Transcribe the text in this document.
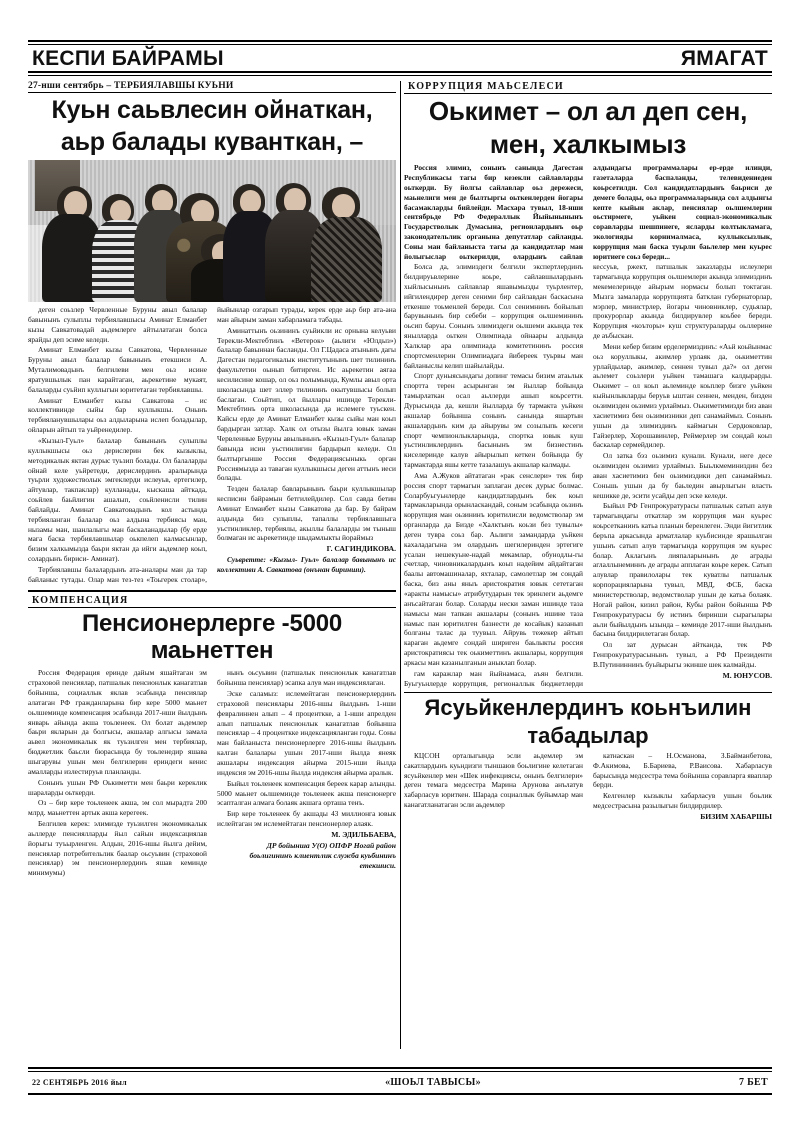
КЕСПИ БАЙРАМЫ	ЯМАГАТ
27-нши сентябрь – ТЕРБИЯЛАВШЫ КУЬНИ
Куьн саьвлесин ойнаткан,
аьр балады куванткан, –

деген соьзлер Червленные Буруны авыл балалар бавынынъ сулыплы тербиялавшысы Аминат Елманбет кызы Савкатовадай аьдемлерге айтылатаган болса ярайды деп эсиме келеди.

Аминат Елманбет кызы Савкатова, Червленные Буруны авыл балалар бавынынъ етекшиси А. Муталимовадынъ белгилеви мен оьз исине яратувшылык пан карайтаган, аьрекетине мукаят, балаларды суьйип куллыгын юритетаган тербиялавшы.

Аминат Елманбет кызы Савкатова – ис коллективинде сыйы бар куллыкшы. Онынъ тербияланувшылары оьз алдыларына ислеп боладылар, ойларын айтып та уьйренедилер.

«Кызыл-Гуьл» балалар бавынынъ сулыплы куллыкшысы оьз дерислерин бек кызыклы, методикалык яктан дурыс туьзип болады. Ол балаларды ойнай келе уьйретеди, дерислердинъ аралырында туьрли художестволык эмгеклерди ислеуьв, ертегилер, айтувлар, такпаклар) кулланады, кыскаша айткада, соьйлев баьйлигин ашалып, соьйленисли тилин байлайды. Аминат Савкатовадынъ кол астында тербияланган балалар оьз алдына тербиясы ман, нызамы ман, шанлалыгы ман баскаланадылар (бу ерде мага баска тербиялавшылар оькпелеп калмасынлар, бизим халкымызда баьри яктан да ийги аьдемлер коьп, солардынъ бириси- Аминат).

Тербиялавшы балалардынъ ата-аналары ман да тар байланыс тутады. Олар ман тез-тез «Тоьгерек столар», йыйынлар озгарып турады, керек ерде аьр бир ата-ана ман айырым заман хабарламага табады.

Аминаттынъ оьзининъ суьйикли ис орнына келуьви Терекли-Мектебтинъ «Ветерок» (аьлиги «Юлдыз») балалар бавыннан басланды. Ол Г.Цадаса атынынъ дагы Дагестан педагогикалык институтынынъ шет тилининъ факультетин оынып битирген. Ис аьрекетин аягаа кесилисине кошар, ол оьз полымында, Кумлы авыл орта школасында шет эллер тилининъ окытувшысы болып баслаган. Соьйтип, ол йыллары ишинде Терекли-Мектебтинъ орта школасында да ислемеге туьскен. Кайсы ерде де Аминат Елманбет кызы сыйы ман коьп бардырган затлар. Халк ол отызы йылга ювык заман Червленные Буруны авылынынъ «Кызыл-Гуьл» балалар бавында исин уьстинлигин бардырып келеди. Ол былтыргынше Россия Федерациясыныкь орган Россиямызда аз таваган куллыкшысы деген аттынъ иеси болады.

Тезден балалар бавларынынъ баьри куллыкшылар кесписин байрамын бетгилейдилер. Сол савда бетин Аминат Елманбет кызы Савкатова да бар. Бу байрам алдында биз сулыплы, тапаллы тербиялавшыга уьстинликлер, тербиялы, акыллы балаларды эм тыныш болмаган ис аьрекетинде шыдамлыкты йораймыз

Г. САГИНДИКОВА.

Суьвретте: «Кызыл- Гуьл» балалар бавынынъ ис коллективи А. Савкатова (онънан биринши).

КОМПЕНСАЦИЯ
Пенсионерлерге -5000 маьнеттен

Россия Федерация еринде дайым яшайтаган эм страховой пенсиялар, патшалык пенсионлык канагатлав бойынша, социаллык яклав эсабында пенсиялар алатаган РФ гражданларына бир кере 5000 маьнет оьлшеминде компенсация эсабында 2017-нши йылдынъ январь айында акша тоьленеек. Ол болат аьдемлер баьри якларын да болгысы, акшалар алгысы замала аьвел экономикалык як туьзилген мен тербиялар, бюджетлик баьсли бюрасында бу тоьленедир яшава шыгарувы ушын мен белгилерин ериндеги кенис амалларды излестируьв планланды.

Сонынъ ушын РФ Оькиметти мен баьри кереклик шараларды оьткерди.

Оз – бир кере тоьленеек акша, эм сол мырадта 200 млрд. маьнеттен артык акша керегеек.

Белгилев керек: элимизде туьзилген экономикалык аьллерде пенсиялларды йыл сайын индексациялав йорыгы туъырленген. Алдын, 2016-ншы йылга дейим, пенсиялар потребительлик баалар оьсуьвин (страховой пенсиялар) эм пенсионерлердинъ яшав кеминде минимумы)

нынъ оьсуьвин (патшалык пенсионлык канагатлав бойынша пенсиялар) эсапка алув ман индексиялаган.

Эске саламыз: ислемейтаган пенсионерлердинъ страховой пенсиялары 2016-ншы йылдынъ 1-нши февралиннен алып – 4 проценткке, а 1-нши апрелден алып патшалык пенсионлык канагатлав бойынша пенсиялар – 4 проценткке индексацияланган годы. Соны ман байланыста пенсионерлерге 2016-ншы йылдынъ калган балалары ушын 2017-нши йылда янеяк акшалары индексация айырма 2015-нши йылда индексия эм 2016-ншы йылда индексия айырма аралык.

Быйыл тоьленеек компенсация береек карар алынды. 5000 маьнет оьлшеминде тоьленеек акша пенсионерге эсапталган алмага болаяк акшага орташа тенъ.

Бир кере тоьленеек бу акшады 43 миллионга ювык ислейтаган эм ислемейтаган пенсионерлер алаяк.

М. ЭДИЛЬБАЕВА,

ДР бойынша У(О) ОПФР Ногай район боьлигининъ клиентлик служба куьбининъ етекшиси.

КОРРУПЦИЯ МАЬСЕЛЕСИ
Оькимет – ол ал деп сен,
мен, халкымыз

Россия элимиз, сонынъ санында Дагестан Республикасы тагы бир кезекли сайлавларды оьткерди. Бу йолгы сайлавлар оьз дережеси, маьнелиги мен де былтыргы оьткенлерден йогары басамакларды бийлейди. Масхара тувыл, 18-нши сентябрьде РФ Федераллык Йыйынынынъ Государстволык Думасына, регионлардынъ оьр законодательлик органына депутатлар сайланды. Соны ман байланыста тагы да кандидатлар ман йолыгыслар оьткерилди, олардынъ сайлав алдындагы программалары ер-ерде илинди, газеталарда баспаланды, телевидениеден коьрсетилди. Сол кандидатлардынъ баьриси де демеге болады, оьз программаларында сол алдынгы кепте кыйын аклар, пенсиялар оьлшемлерин оьстирмеге, уьйкен социал-экономикалык соравларды шешпинеге, ясларды колтыкламага, экологияды корнималмаса, куллыксызлык, коррупция ман баска туьрли баьлелер мен куьрес юритиеге соьз береди...

Болса да, элимиздеги белгили экспертлердинъ билдируьвлерине коьре, сайлавшылардынъ хыйлысынынъ сайлавлар яшавымызды туьрлентер, ийгилендирер деген сеними бир сайлавдан баскасына еткенше тоьменлей береди. Сол сенимнинъ бойылып барувынынъ бир себеби – коррупция оьлшемининъ оьсип баруы. Сонынъ элимиздеги оьлшеми акында тек янылларда оьткен Олимпиада ойнаары алдында Халклар ара олимпиада комитетининъ россия спортсменлерин Олимпиадага йибереек туьрвы ман байланыслы келип шайылайды.

Спорт дуныясындагы допинг темасы бизим атаьлык спортта терен асырынган эм йыллар бойында тамырлаткан осал аьллерди ашып коьрсетти. Дурысында да, кешли йылларда бу тармакта уьйкен акшалар бойынша сонынъ санында яшартын акшалардынъ ким да айырувы эм созылыпь кесеги спорт чемпионлыкларында, спортка ювык куш уьстинликлердинъ басынынъ эм бизнестинъ киселеринде калув айырылып кеткен бойында бу тармактарда яшы кетте тазалашуь акшалар калмады.

Ама А.Жуков айтатаган «рак сенслери» тек бир россия спорт тармагын заплаган десек дурыс болмас. Соларбуьгуьнлерде кандидатлардынъ бек коьп тармакларында орынласкандай, соным эсабында оьзинъ коррупция ман оьзининъ юритилисли ведомстволар эм органларда да Бизде «Халктынъ коьзи без тувылы» деген тувра соьз бар. Аьлиги замандарда уьйкен кахаладагына эм олардынъ шегилеринден эртегиге усалан нешекуьне-надай мекамлар, обунодлы-гы счетлар, чиновникалардынъ коьп надейим айдайтаган баалы автомашиналар, яхталар, самолетлар эм сондай баска, биз аны яныъ аристократия ювык сететаган «аракты намысы» атрибутударын тек эринлеги аьдемге анъсайтаган болар. Соларды нески заман ишинде таза намысы ман тапкан акшалары (сонынъ ишине таза намыс пан юритилген базнести де косайык) казанып болганы талас да туувыл. Айрувь тежекер айтып караган аьдемге сондай шириген баьлыкты россия аристократиясы тек оькиметтинъ акшалары, коррупция аркасы ман казанылганын аныклап болар.

гам каражлар ман йыйнамаса, аъян белгили. Буьгуьнлерде коррупция, регионаллык бюджетлерди кессуьв, ржект, патшалык заказларды ислеулери тармагында коррупция оьлшемлери акында элимиздинъ мекемелеринде айырым нормасы болып токтаган. Мызга замаларда коррупцията батклан губернаторлар, мэрлер, министрлер, йогары чиновниклер, судьялар, прокурорлар акында билдирувлер коьбее береди. Коррупция «коъторы» куш структураларды оьллерине де аъбыскан.

Мени кебер бизим ерделермиздинъ: «Аьй коьйынмас оьз коруллыкы, акимлер урлаяк да, оькиметтин урлайдылар, акимлер, сеннен тувыл да?» ол деген аьлемет соьзлери уьйкен тамашага калдырарды. Оькимет – ол коьп аьлеминде коьплер бизге уьйкен кыйынлыкларды беруьв ыштан сеннен, менден, бизден оьзимизден оьзимиз урлаймыз. Оькиметимизди биз аван хасиетимиз бен оьзимизники деп санамаймыз. Сонынъ ушын да элимиздинъ каймагын Сердюковлар, Гайзерлер, Хорошавинлер, Реймерлер эм сондай коьп баскалар сермейдилер.

Ол затка бэз оьзимиз кунали. Кунали, неге десе оьзимизден оьзимиз урлаймыз. Быьлкмеминиздин без аван хасиетимиз бен оьзимиздики деп санамаймыз. Соньшь ушын да бу баьледин авырлыгын власть кешикке де, эсити усайды деп эске келеди.

Быйыл РФ Генпрокуратурасы патшалык сатып алув тармагындагы откатлар эм коррупция ман куьрес коьрсетканинъ катьа планын беренлеген. Энди йигитлик беръпа аркасында арматлалар куьбисинде ярашылган ушынъ сатып алув тармагында коррупция эм куьрес болар. Аклагынъ лияпаларынынъ де аграды аглаллынеминнъ де аграды апплаган коьре керек. Сатып алувлар правилолары тек куватлы патшалык корпорацияларына тувыл, МВД, ФСБ, баска министерстволар, ведомстволар ушын де катьа болаяк. Ногай район, кизил район, Кубы район бойынша РФ Генпрокуратурасы бу истинъ биринши сырагылары аьли быйылдынъ ызында – кеминде 2017-нши йылдынъ басына билдирилетаган болар.

Ол зат дурысан айткандa, тек РФ Генпрокуратурасынынъ тувыл, а РФ Президенти В.Путининнинъ буьйырыгы экинше шек калмайды.

М. ЮНУСОВ.

Ясуьйкенлердинъ коьнъилин
табадылар

КЦСОН орталыгында эсли аьдемлер эм сакатлардынъ куьндизги тыншаюв боьлигине келетаган ясуьйкенлер мен «Шек инфекциясы, онынъ белгилери» деген темага медсестра Марина Арунова анълатув хабарласув юриткен. Шарада социаллык буйымлар ман канагатланатаган эсли аьдемлер

катнаскан – Н.Османова, З.Байманбетова, Ф.Акимова, Б.Бариева, Р.Ваисова. Хабарласув барысында медсестра тема бойынша соравларга яваплар берди.

Келгенлер кызыклы хабарласув ушын боьлик медсестрасына разылыгын билдирдилер.

БИЗИМ ХАБАРШЫ

22 СЕНТЯБРЬ 2016 йыл	«ШОЬЛ ТАВЫСЫ»	7 БЕТ
